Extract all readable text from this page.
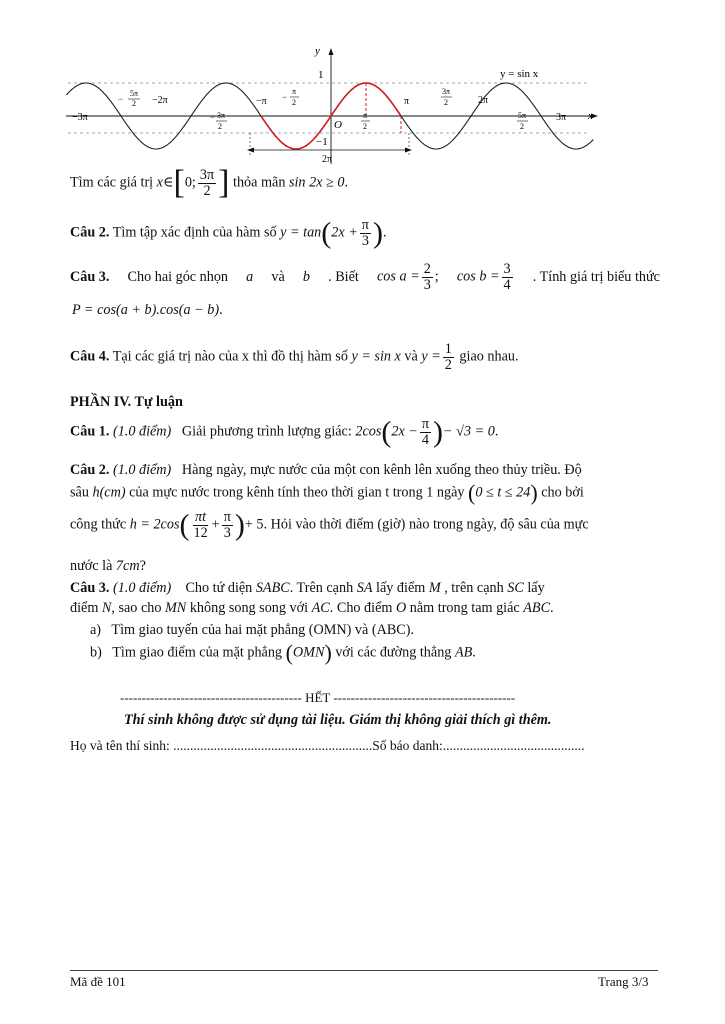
y
x
y = sin x
1
−1
O
2π
−3π
5π
− 2 −2π
− 3π
2
−π −
π
2
π
2
π
3π
2	2π
5π
2
3π
Tìm các giá trị x∈[0; $\frac{3\pi}{2}$ ] thỏa mãn sin 2x ≥ 0.
Câu 2. Tìm tập xác định của hàm số $y = \tan(2x + \frac{\pi}{3}$ ).
Câu 3. Cho hai góc nhọn a và b . Biết $\cos a = \frac{2}{3}$ ; $\cos b = \frac{3}{4}$ . Tính giá trị biểu thức
P = cos(a + b).cos(a − b).
Câu 4. Tại các giá trị nào của x thì đồ thị hàm số y = sin x và $y = \frac{1}{2}$ giao nhau.
PHẦN IV. Tự luận
Câu 1. (1.0 điểm) Giải phương trình lượng giác: $2\cos(2x - \frac{\pi}{4}$ )− √3 = 0.
Câu 2. (1.0 điểm) Hàng ngày, mực nước của một con kênh lên xuống theo thủy triều. Độ
sâu h(cm) của mực nước trong kênh tính theo thời gian t trong 1 ngày (0 ≤ t ≤ 24) cho bởi
công thức $h = 2\cos( \frac{\pi t}{12} + \frac{\pi}{3}$ )+ 5. Hỏi vào thời điểm (giờ) nào trong ngày, độ sâu của mực
nước là 7cm?
Câu 3. (1.0 điểm) Cho tứ diện SABC. Trên cạnh SA lấy điểm M , trên cạnh SC lấy
điểm N, sao cho MN không song song với AC. Cho điểm O nằm trong tam giác ABC.
a) Tìm giao tuyến của hai mặt phẳng (OMN) và (ABC).
b) Tìm giao điểm của mặt phẳng (OMN) với các đường thẳng AB.
------------------------------------------ HẾT ------------------------------------------
Thí sinh không được sử dụng tài liệu. Giám thị không giải thích gì thêm.
Họ và tên thí sinh: ...........................................................Số báo danh:..........................................
Mã đề 101	Trang 3/3
